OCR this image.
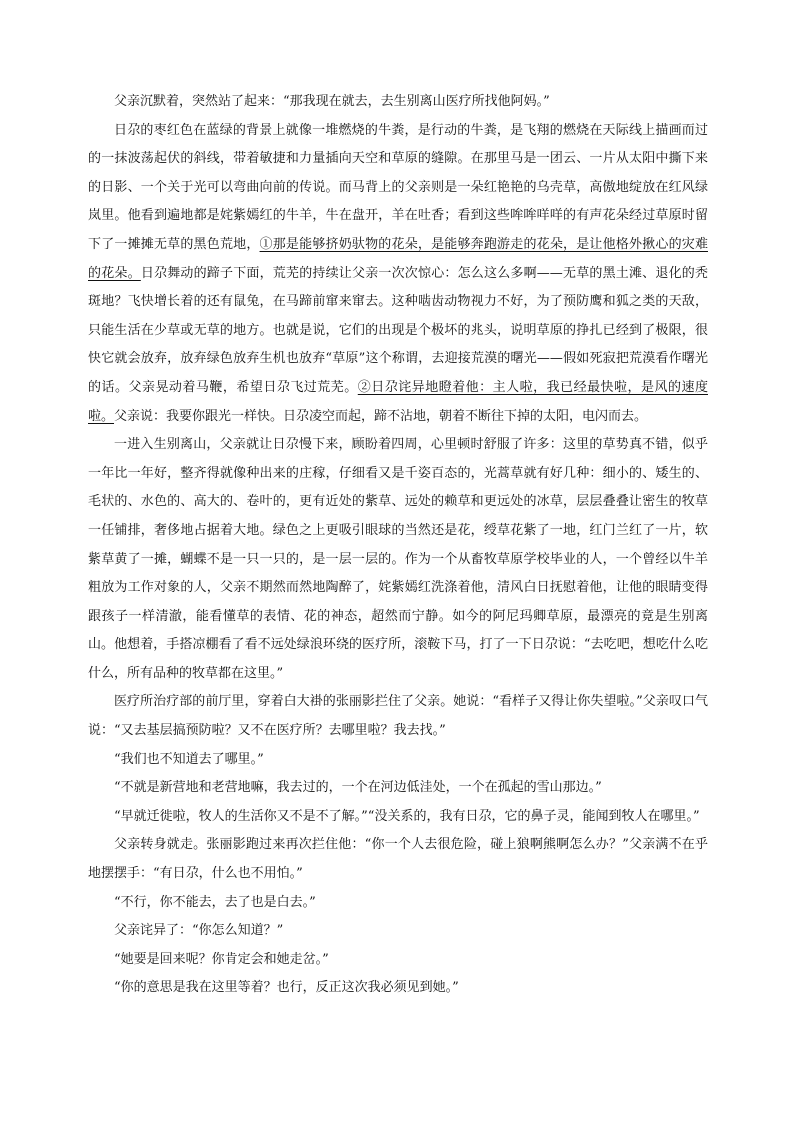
父亲沉默着，突然站了起来：“那我现在就去，去生别离山医疗所找他阿妈。”

日尕的枣红色在蓝绿的背景上就像一堆燃烧的牛粪，是行动的牛粪，是飞翔的燃烧在天际线上描画而过的一抹波荡起伏的斜线，带着敏捷和力量插向天空和草原的缝隙。在那里马是一团云、一片从太阳中撕下来的日影、一个关于光可以弯曲向前的传说。而马背上的父亲则是一朵红艳艳的乌壳草，高傲地绽放在红风绿岚里。他看到遍地都是姹紫嫣红的牛羊，牛在盘开，羊在吐香；看到这些哞哞咩咩的有声花朵经过草原时留下了一摊摊无草的黑色荒地，①那是能够挤奶驮物的花朵，是能够奔跑游走的花朵，是让他格外揪心的灾难的花朵。日尕舞动的蹄子下面，荒芜的持续让父亲一次次惊心：怎么这么多啊——无草的黑土滩、退化的秃斑地？飞快增长着的还有鼠兔，在马蹄前窜来窜去。这种啮齿动物视力不好，为了预防鹰和狐之类的天敌，只能生活在少草或无草的地方。也就是说，它们的出现是个极坏的兆头，说明草原的挣扎已经到了极限，很快它就会放弃，放弃绿色放弃生机也放弃“草原”这个称谓，去迎接荒漠的曙光——假如死寂把荒漠看作曙光的话。父亲晃动着马鞭，希望日尕飞过荒芜。②日尕诧异地瞪着他：主人啦，我已经最快啦，是风的速度啦。父亲说：我要你跟光一样快。日尕凌空而起，蹄不沾地，朝着不断往下掉的太阳，电闪而去。

一进入生别离山，父亲就让日尕慢下来，顾盼着四周，心里顿时舒服了许多：这里的草势真不错，似乎一年比一年好，整齐得就像种出来的庄稼，仔细看又是千姿百态的，光蒿草就有好几种：细小的、矮生的、毛状的、水色的、高大的、卷叶的，更有近处的紫草、远处的赖草和更远处的冰草，层层叠叠让密生的牧草一任铺排，奢侈地占据着大地。绿色之上更吸引眼球的当然还是花，绶草花紫了一地，红门兰红了一片，软紫草黄了一摊，蝴蝶不是一只一只的，是一层一层的。作为一个从畜牧草原学校毕业的人，一个曾经以牛羊粗放为工作对象的人，父亲不期然而然地陶醉了，姹紫嫣红洗涤着他，清风白日抚慰着他，让他的眼睛变得跟孩子一样清澈，能看懂草的表情、花的神态，超然而宁静。如今的阿尼玛卿草原，最漂亮的竟是生别离山。他想着，手搭凉棚看了看不远处绿浪环绕的医疗所，滚鞍下马，打了一下日尕说：“去吃吧，想吃什么吃什么，所有品种的牧草都在这里。”

医疗所治疗部的前厅里，穿着白大褂的张丽影拦住了父亲。她说：“看样子又得让你失望啦。”父亲叹口气说：“又去基层搞预防啦？又不在医疗所？去哪里啦？我去找。”

“我们也不知道去了哪里。”

“不就是新营地和老营地嘛，我去过的，一个在河边低洼处，一个在孤起的雪山那边。”

“早就迁徙啦，牧人的生活你又不是不了解。”“没关系的，我有日尕，它的鼻子灵，能闻到牧人在哪里。”

父亲转身就走。张丽影跑过来再次拦住他：“你一个人去很危险，碰上狼啊熊啊怎么办？”父亲满不在乎地摆摆手：“有日尕，什么也不用怕。”

“不行，你不能去，去了也是白去。”

父亲诧异了：“你怎么知道？”

“她要是回来呢？你肯定会和她走岔。”

“你的意思是我在这里等着？也行，反正这次我必须见到她。”
